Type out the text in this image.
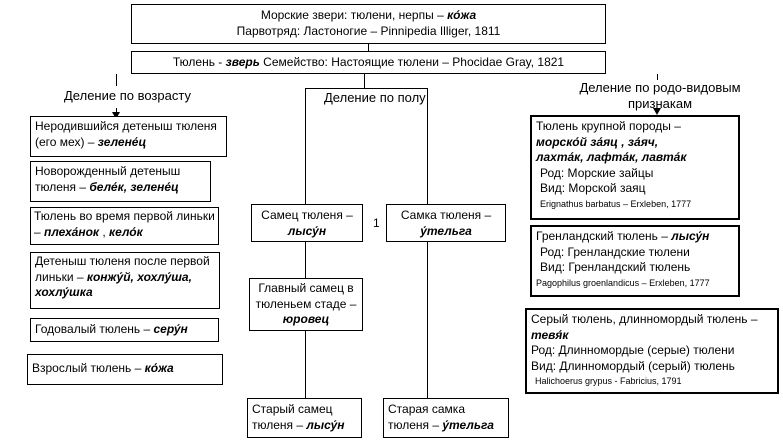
Морские звери: тюлени, нерпы – ко́жа
Парвотряд: Ластоногие – Pinnipedia Illiger, 1811
Тюлень - зверь Семейство: Настоящие тюлени – Phocidae Gray, 1821
Деление по возрасту	Деление по полу
Деление по родо-видовым признакам
1
Неродившийся детеныш тюленя (его мех) – зелене́ц
Новорожденный детеныш тюленя – беле́к, зелене́ц
Тюлень во время первой линьки – плеха́нок , кело́к
Детеныш тюленя после первой линьки – конжу́й, хохлу́ша, хохлу́шка
Годовалый тюлень – серу́н
Взрослый тюлень – ко́жа
Самец тюленя –
лысу́н
Самка тюленя –
у́тельга
Главный самец в тюленьем стаде – юровец
Старый самец тюленя – лысу́н
Старая самка тюленя – у́тельга
Тюлень крупной породы –
морско́й за́яц , за́яч,
лахта́к, лафта́к, лавта́к
Род: Морские зайцы
Вид: Морской заяц
Erignathus barbatus – Erxleben, 1777
Гренландский тюлень – лысу́н
Род: Гренландские тюлени
Вид: Гренландский тюлень
Pagophilus groenlandicus – Erxleben, 1777
Серый тюлень, длинномордый тюлень – тевя́к
Род: Длинномордые (серые) тюлени
Вид: Длинномордый (серый) тюлень
Halichoerus grypus - Fabricius, 1791
